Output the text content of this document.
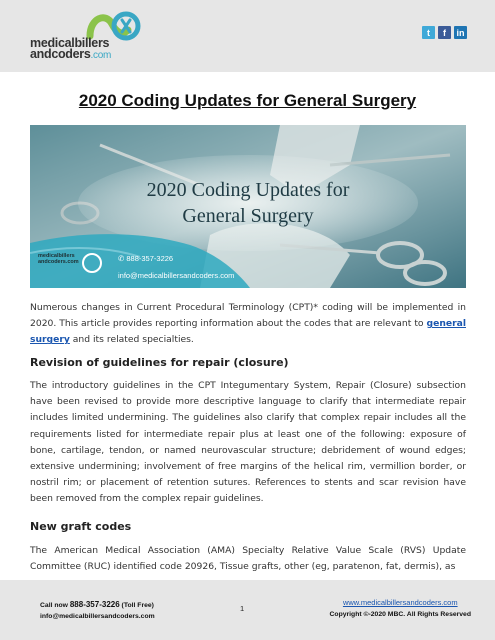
medicalbillers
andcoders.com
t	f	in
2020 Coding Updates for General Surgery
2020 Coding Updates for
General Surgery
medicalbillers
andcoders.com	✆ 888-357-3226
info@medicalbillersandcoders.com
Numerous changes in Current Procedural Terminology (CPT)* coding will be implemented in 2020. This article provides reporting information about the codes that are relevant to general surgery and its related specialties.
Revision of guidelines for repair (closure)
The introductory guidelines in the CPT Integumentary System, Repair (Closure) subsection have been revised to provide more descriptive language to clarify that intermediate repair includes limited undermining. The guidelines also clarify that complex repair includes all the requirements listed for intermediate repair plus at least one of the following: exposure of bone, cartilage, tendon, or named neurovascular structure; debridement of wound edges; extensive undermining; involvement of free margins of the helical rim, vermillion border, or nostril rim; or placement of retention sutures. References to stents and scar revision have been removed from the complex repair guidelines.
New graft codes
The American Medical Association (AMA) Specialty Relative Value Scale (RVS) Update Committee (RUC) identified code 20926, Tissue grafts, other (eg, paratenon, fat, dermis), as
Call now 888-357-3226 (Toll Free)
info@medicalbillersandcoders.com
1
www.medicalbillersandcoders.com
Copyright ©-2020 MBC. All Rights Reserved
